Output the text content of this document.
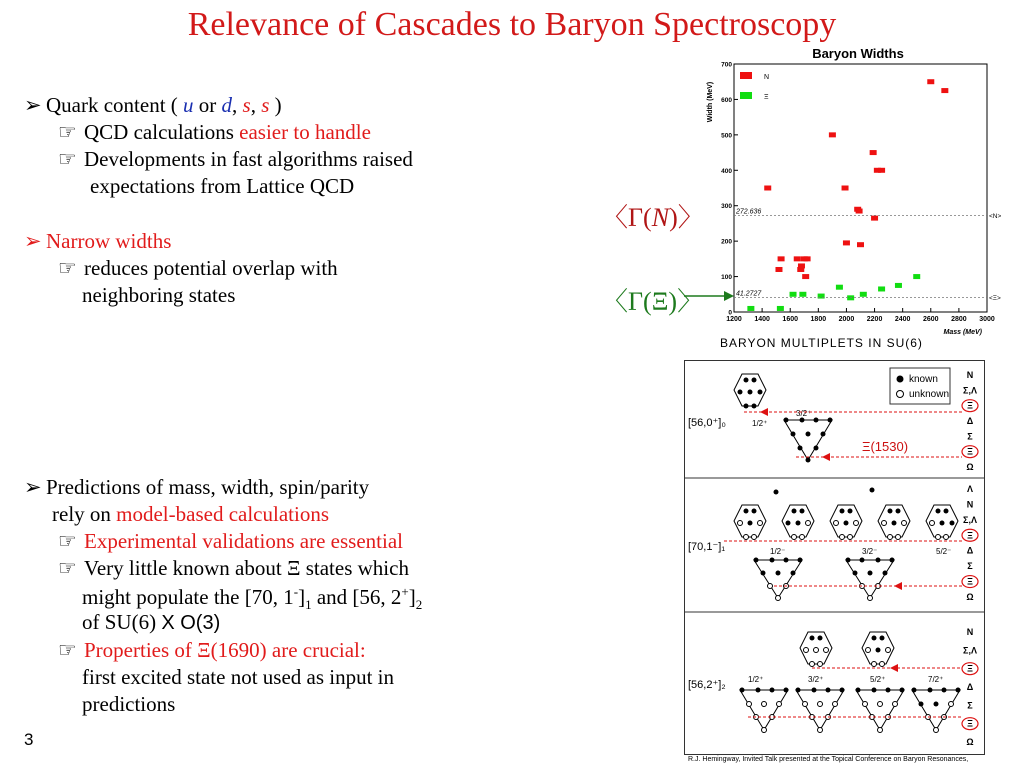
Relevance of Cascades to Baryon Spectroscopy
➢ Quark content ( u or d, s, s )
☞ QCD calculations easier to handle
☞ Developments in fast algorithms raised
expectations from Lattice QCD
➢ Narrow widths
☞ reduces potential overlap with
neighboring states
➢ Predictions of mass, width, spin/parity
rely on model-based calculations
☞ Experimental validations are essential
☞ Very little known about Ξ states which
might populate the [70, $1^-]_1$ and [56, $2^+]_2$
of SU(6) X O(3)
☞ Properties of Ξ(1690) are crucial:
first excited state not used as input in
predictions
3
〈Γ(N)〉
〈Γ(Ξ)〉
Baryon Widths
1200 1400 1600 1800 2000 2200 2400 2600 2800 3000
0
100
200
300
400
500
600
700
272.636
<N>
41.2727
<Ξ>
N
Ξ
Width (MeV)
Mass (MeV)
BARYON MULTIPLETS IN SU(6)
known
unknown
[56,0⁺]₀	1/2⁺
3/2⁺
Ξ(1530)
N
Σ,Λ
Ξ
Δ
Σ
Ξ
Ω
[70,1⁻]₁	1/2⁻	3/2⁻	5/2⁻
Λ
N
Σ,Λ
Ξ
Δ
Σ
Ξ
Ω
[56,2⁺]₂	1/2⁺	3/2⁺	5/2⁺	7/2⁺
N
Σ,Λ
Ξ
Δ
Σ
Ξ
Ω
R.J. Hemingway, Invited Talk presented at the Topical Conference on Baryon Resonances,
